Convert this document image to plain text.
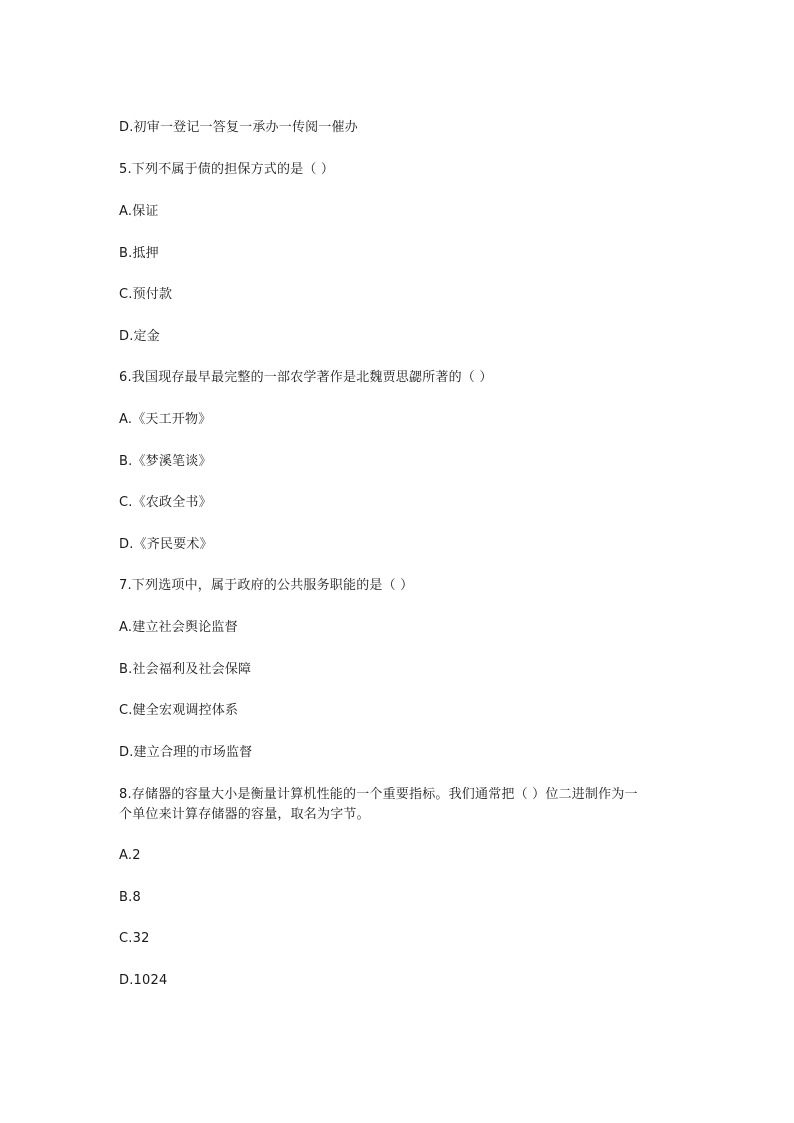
D.初审一登记一答复一承办一传阅一催办
5.下列不属于债的担保方式的是（ ）
A.保证
B.抵押
C.预付款
D.定金
6.我国现存最早最完整的一部农学著作是北魏贾思勰所著的（ ）
A.《天工开物》
B.《梦溪笔谈》
C.《农政全书》
D.《齐民要术》
7.下列选项中，属于政府的公共服务职能的是（ ）
A.建立社会舆论监督
B.社会福利及社会保障
C.健全宏观调控体系
D.建立合理的市场监督
8.存储器的容量大小是衡量计算机性能的一个重要指标。我们通常把（ ）位二进制作为一
个单位来计算存储器的容量，取名为字节。
A.2
B.8
C.32
D.1024
